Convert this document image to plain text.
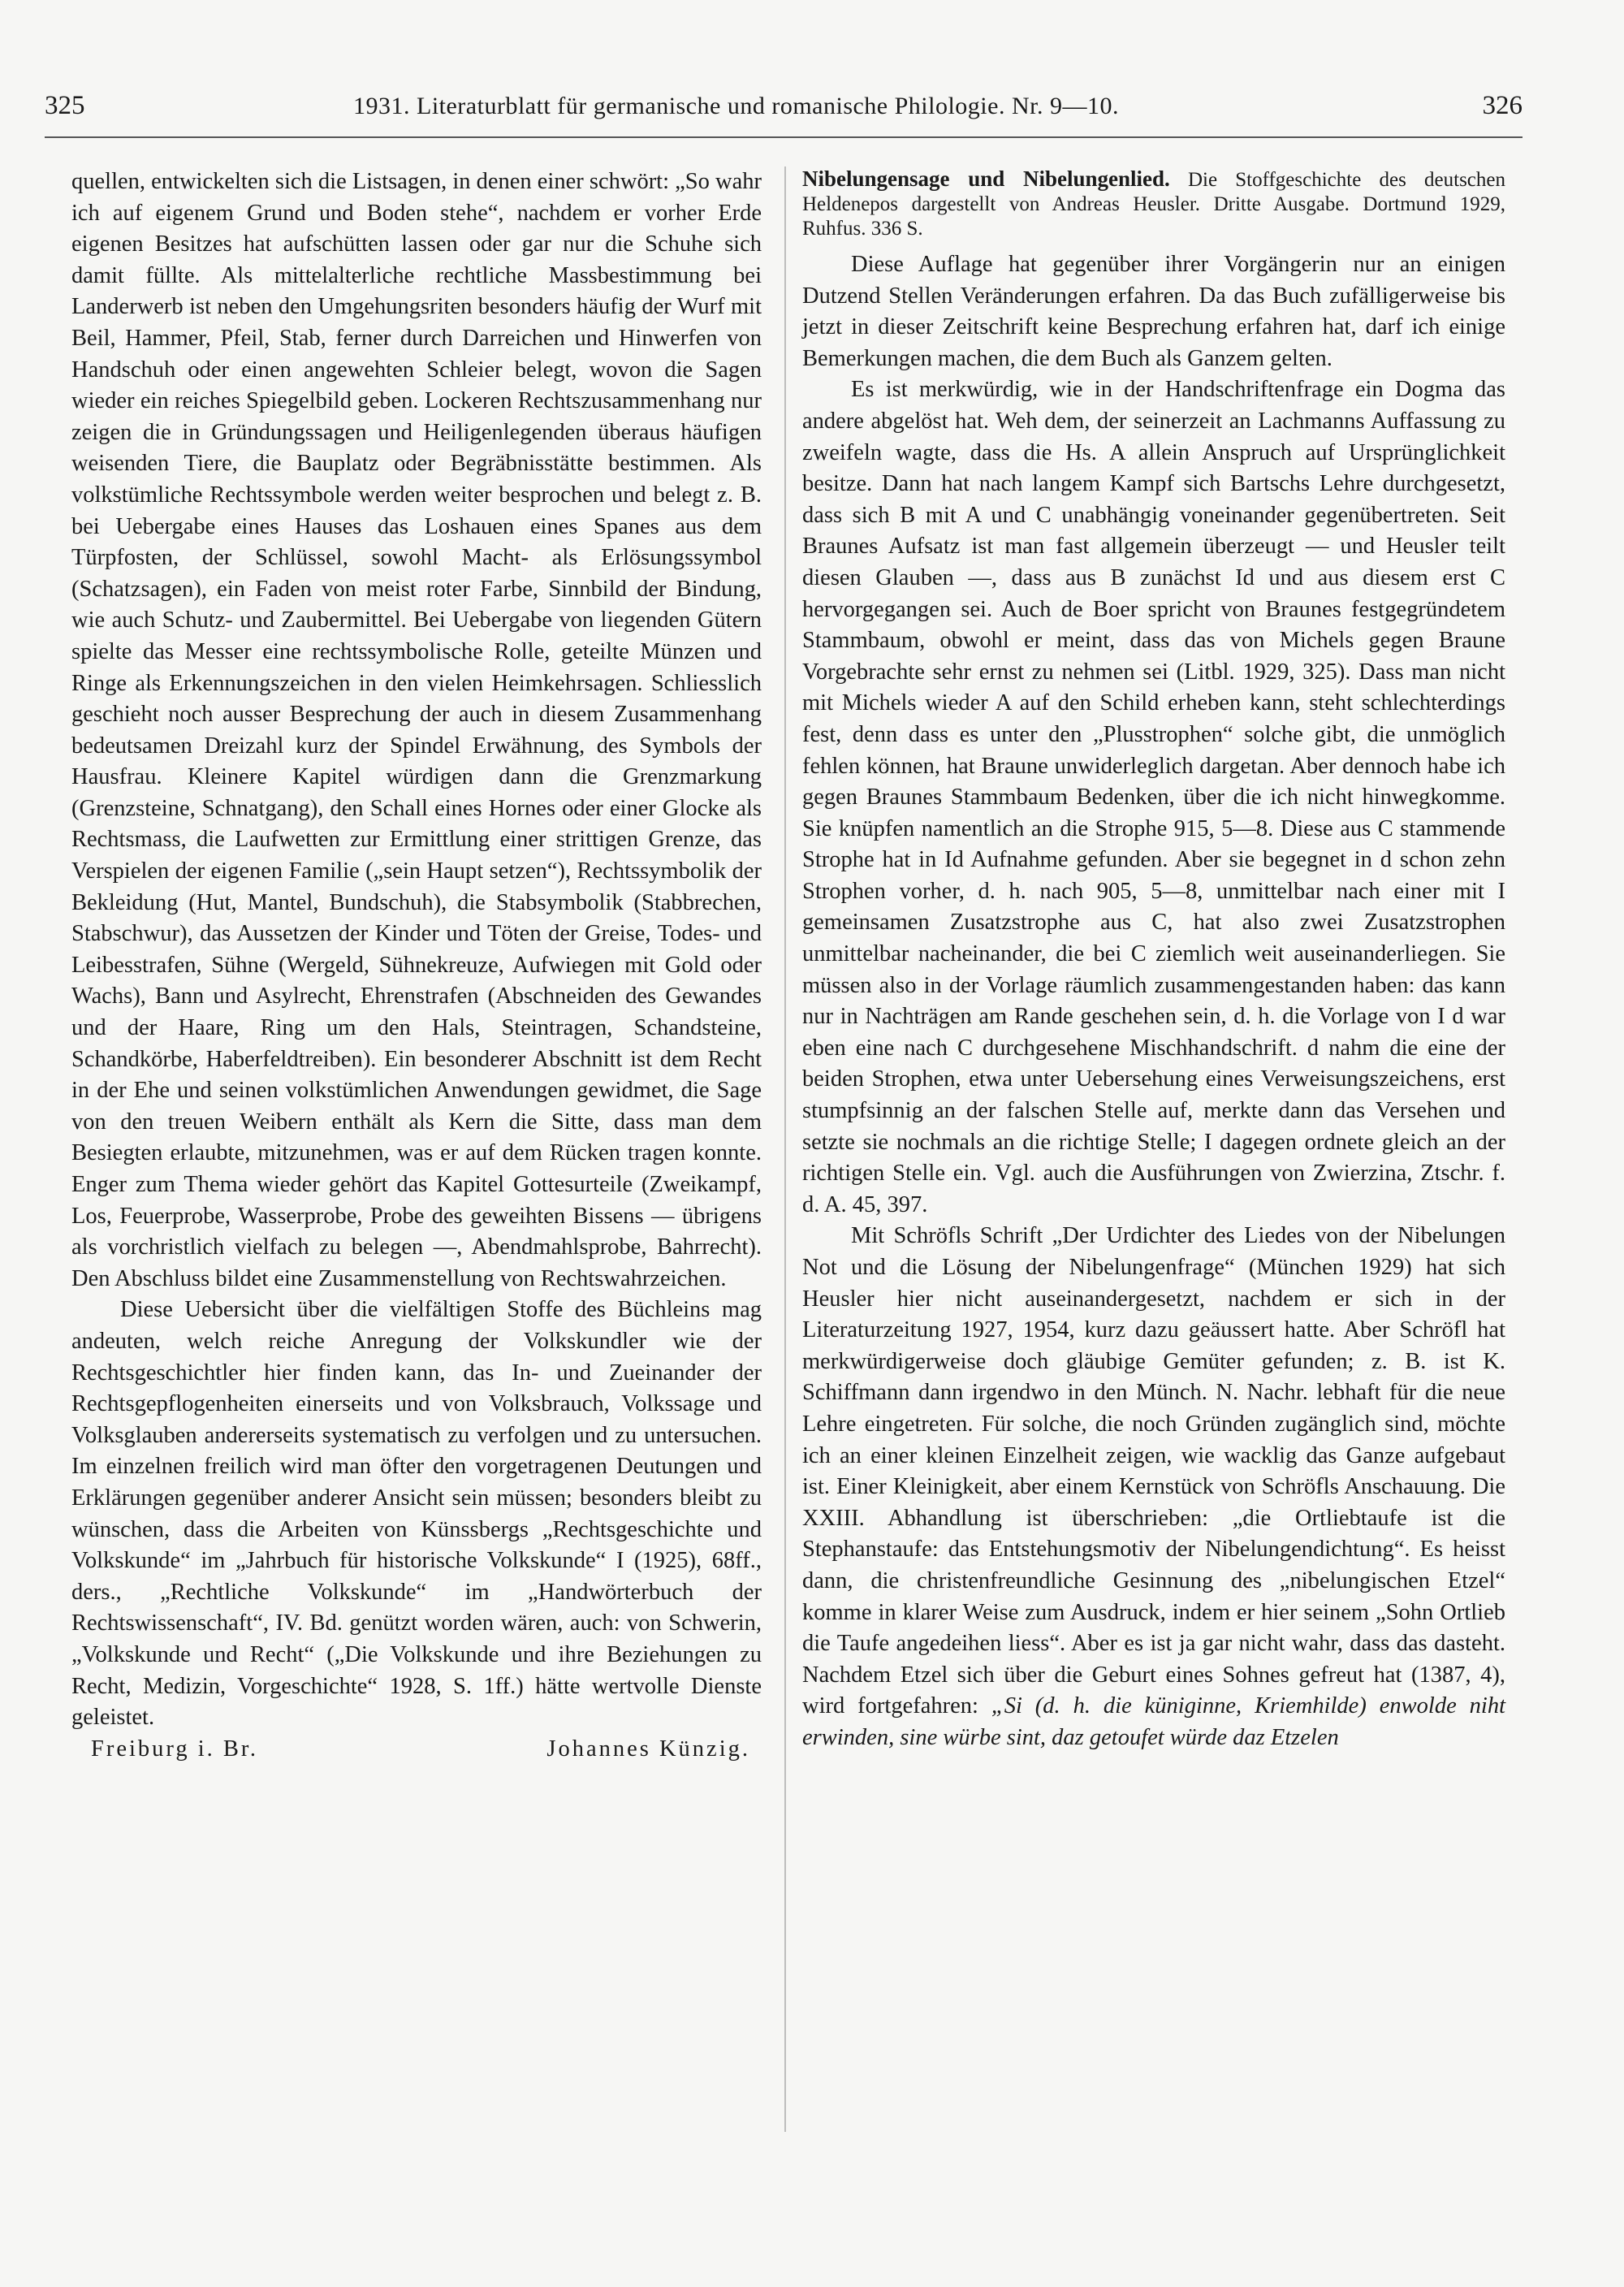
325	1931. Literaturblatt für germanische und romanische Philologie. Nr. 9—10.	326

quellen, entwickelten sich die Listsagen, in denen einer schwört: „So wahr ich auf eigenem Grund und Boden stehe“, nachdem er vorher Erde eigenen Besitzes hat aufschütten lassen oder gar nur die Schuhe sich damit füllte. Als mittelalterliche rechtliche Massbestimmung bei Landerwerb ist neben den Umgehungsriten besonders häufig der Wurf mit Beil, Hammer, Pfeil, Stab, ferner durch Darreichen und Hinwerfen von Handschuh oder einen angewehten Schleier belegt, wovon die Sagen wieder ein reiches Spiegelbild geben. Lockeren Rechtszusammenhang nur zeigen die in Gründungssagen und Heiligenlegenden überaus häufigen weisenden Tiere, die Bauplatz oder Begräbnisstätte bestimmen. Als volkstümliche Rechtssymbole werden weiter besprochen und belegt z. B. bei Uebergabe eines Hauses das Loshauen eines Spanes aus dem Türpfosten, der Schlüssel, sowohl Macht- als Erlösungssymbol (Schatzsagen), ein Faden von meist roter Farbe, Sinnbild der Bindung, wie auch Schutz- und Zaubermittel. Bei Uebergabe von liegenden Gütern spielte das Messer eine rechtssymbolische Rolle, geteilte Münzen und Ringe als Erkennungszeichen in den vielen Heimkehrsagen. Schliesslich geschieht noch ausser Besprechung der auch in diesem Zusammenhang bedeutsamen Dreizahl kurz der Spindel Erwähnung, des Symbols der Hausfrau. Kleinere Kapitel würdigen dann die Grenzmarkung (Grenzsteine, Schnatgang), den Schall eines Hornes oder einer Glocke als Rechtsmass, die Laufwetten zur Ermittlung einer strittigen Grenze, das Verspielen der eigenen Familie („sein Haupt setzen“), Rechtssymbolik der Bekleidung (Hut, Mantel, Bundschuh), die Stabsymbolik (Stabbrechen, Stabschwur), das Aussetzen der Kinder und Töten der Greise, Todes- und Leibesstrafen, Sühne (Wergeld, Sühnekreuze, Aufwiegen mit Gold oder Wachs), Bann und Asylrecht, Ehrenstrafen (Abschneiden des Gewandes und der Haare, Ring um den Hals, Steintragen, Schandsteine, Schandkörbe, Haberfeldtreiben). Ein besonderer Abschnitt ist dem Recht in der Ehe und seinen volkstümlichen Anwendungen gewidmet, die Sage von den treuen Weibern enthält als Kern die Sitte, dass man dem Besiegten erlaubte, mitzunehmen, was er auf dem Rücken tragen konnte. Enger zum Thema wieder gehört das Kapitel Gottesurteile (Zweikampf, Los, Feuerprobe, Wasserprobe, Probe des geweihten Bissens — übrigens als vorchristlich vielfach zu belegen —, Abendmahlsprobe, Bahrrecht). Den Abschluss bildet eine Zusammenstellung von Rechtswahrzeichen.

Diese Uebersicht über die vielfältigen Stoffe des Büchleins mag andeuten, welch reiche Anregung der Volkskundler wie der Rechtsgeschichtler hier finden kann, das In- und Zueinander der Rechtsgepflogenheiten einerseits und von Volksbrauch, Volkssage und Volksglauben andererseits systematisch zu verfolgen und zu untersuchen. Im einzelnen freilich wird man öfter den vorgetragenen Deutungen und Erklärungen gegenüber anderer Ansicht sein müssen; besonders bleibt zu wünschen, dass die Arbeiten von Künssbergs „Rechtsgeschichte und Volkskunde“ im „Jahrbuch für historische Volkskunde“ I (1925), 68ff., ders., „Rechtliche Volkskunde“ im „Handwörterbuch der Rechtswissenschaft“, IV. Bd. genützt worden wären, auch: von Schwerin, „Volkskunde und Recht“ („Die Volkskunde und ihre Beziehungen zu Recht, Medizin, Vorgeschichte“ 1928, S. 1ff.) hätte wertvolle Dienste geleistet.

Freiburg i. Br.	Johannes Künzig.

Nibelungensage und Nibelungenlied. Die Stoffgeschichte des deutschen Heldenepos dargestellt von Andreas Heusler. Dritte Ausgabe. Dortmund 1929, Ruhfus. 336 S.

Diese Auflage hat gegenüber ihrer Vorgängerin nur an einigen Dutzend Stellen Veränderungen erfahren. Da das Buch zufälligerweise bis jetzt in dieser Zeitschrift keine Besprechung erfahren hat, darf ich einige Bemerkungen machen, die dem Buch als Ganzem gelten.

Es ist merkwürdig, wie in der Handschriftenfrage ein Dogma das andere abgelöst hat. Weh dem, der seinerzeit an Lachmanns Auffassung zu zweifeln wagte, dass die Hs. A allein Anspruch auf Ursprünglichkeit besitze. Dann hat nach langem Kampf sich Bartschs Lehre durchgesetzt, dass sich B mit A und C unabhängig voneinander gegenübertreten. Seit Braunes Aufsatz ist man fast allgemein überzeugt — und Heusler teilt diesen Glauben —, dass aus B zunächst Id und aus diesem erst C hervorgegangen sei. Auch de Boer spricht von Braunes festgegründetem Stammbaum, obwohl er meint, dass das von Michels gegen Braune Vorgebrachte sehr ernst zu nehmen sei (Litbl. 1929, 325). Dass man nicht mit Michels wieder A auf den Schild erheben kann, steht schlechterdings fest, denn dass es unter den „Plusstrophen“ solche gibt, die unmöglich fehlen können, hat Braune unwiderleglich dargetan. Aber dennoch habe ich gegen Braunes Stammbaum Bedenken, über die ich nicht hinwegkomme. Sie knüpfen namentlich an die Strophe 915, 5—8. Diese aus C stammende Strophe hat in Id Aufnahme gefunden. Aber sie begegnet in d schon zehn Strophen vorher, d. h. nach 905, 5—8, unmittelbar nach einer mit I gemeinsamen Zusatzstrophe aus C, hat also zwei Zusatzstrophen unmittelbar nacheinander, die bei C ziemlich weit auseinanderliegen. Sie müssen also in der Vorlage räumlich zusammengestanden haben: das kann nur in Nachträgen am Rande geschehen sein, d. h. die Vorlage von I d war eben eine nach C durchgesehene Mischhandschrift. d nahm die eine der beiden Strophen, etwa unter Uebersehung eines Verweisungszeichens, erst stumpfsinnig an der falschen Stelle auf, merkte dann das Versehen und setzte sie nochmals an die richtige Stelle; I dagegen ordnete gleich an der richtigen Stelle ein. Vgl. auch die Ausführungen von Zwierzina, Ztschr. f. d. A. 45, 397.

Mit Schröfls Schrift „Der Urdichter des Liedes von der Nibelungen Not und die Lösung der Nibelungenfrage“ (München 1929) hat sich Heusler hier nicht auseinandergesetzt, nachdem er sich in der Literaturzeitung 1927, 1954, kurz dazu geäussert hatte. Aber Schröfl hat merkwürdigerweise doch gläubige Gemüter gefunden; z. B. ist K. Schiffmann dann irgendwo in den Münch. N. Nachr. lebhaft für die neue Lehre eingetreten. Für solche, die noch Gründen zugänglich sind, möchte ich an einer kleinen Einzelheit zeigen, wie wacklig das Ganze aufgebaut ist. Einer Kleinigkeit, aber einem Kernstück von Schröfls Anschauung. Die XXIII. Abhandlung ist überschrieben: „die Ortliebtaufe ist die Stephanstaufe: das Entstehungsmotiv der Nibelungendichtung“. Es heisst dann, die christenfreundliche Gesinnung des „nibelungischen Etzel“ komme in klarer Weise zum Ausdruck, indem er hier seinem „Sohn Ortlieb die Taufe angedeihen liess“. Aber es ist ja gar nicht wahr, dass das dasteht. Nachdem Etzel sich über die Geburt eines Sohnes gefreut hat (1387, 4), wird fortgefahren: „Si (d. h. die küniginne, Kriemhilde) enwolde niht erwinden, sine würbe sint, daz getoufet würde daz Etzelen
